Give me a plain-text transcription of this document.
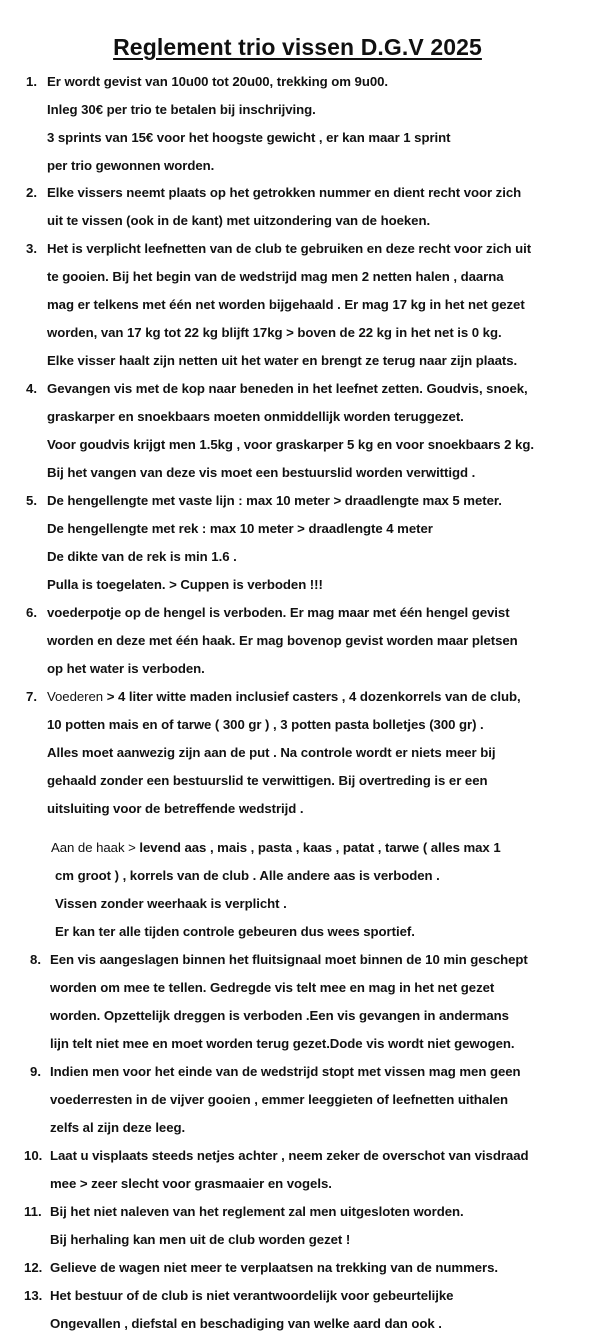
Reglement trio vissen D.G.V 2025
1. Er wordt gevist van 10u00 tot 20u00, trekking om 9u00.
Inleg 30€ per trio te betalen bij inschrijving.
3 sprints van 15€ voor het hoogste gewicht , er kan maar 1 sprint
per trio gewonnen worden.
2. Elke vissers neemt plaats op het getrokken nummer en dient recht voor zich
uit te vissen (ook in de kant) met uitzondering van de hoeken.
3. Het is verplicht leefnetten van de club te gebruiken en deze recht voor zich uit
te gooien. Bij het begin van de wedstrijd mag men 2 netten halen , daarna
mag er telkens met één net worden bijgehaald . Er mag 17 kg in het net gezet
worden, van 17 kg tot 22 kg blijft 17kg > boven de 22 kg in het net is 0 kg.
Elke visser haalt zijn netten uit het water en brengt ze terug naar zijn plaats.
4. Gevangen vis met de kop naar beneden in het leefnet zetten. Goudvis, snoek,
graskarper en snoekbaars moeten onmiddellijk worden teruggezet.
Voor goudvis krijgt men 1.5kg , voor graskarper 5 kg en voor snoekbaars 2 kg.
Bij het vangen van deze vis moet een bestuurslid worden verwittigd .
5. De hengellengte met vaste lijn : max 10 meter > draadlengte max 5 meter.
De hengellengte met rek : max 10 meter > draadlengte 4 meter
De dikte van de rek is min 1.6 .
Pulla is toegelaten. > Cuppen is verboden !!!
6. voederpotje op de hengel is verboden. Er mag maar met één hengel gevist
worden en deze met één haak. Er mag bovenop gevist worden maar pletsen
op het water is verboden.
7. Voederen > 4 liter witte maden inclusief casters , 4 dozenkorrels van de club,
10 potten mais en of tarwe ( 300 gr ) , 3 potten pasta bolletjes (300 gr) .
Alles moet aanwezig zijn aan de put . Na controle wordt er niets meer bij
gehaald zonder een bestuurslid te verwittigen. Bij overtreding is er een
uitsluiting voor de betreffende wedstrijd .
Aan de haak > levend aas , mais , pasta , kaas , patat , tarwe ( alles max 1
cm groot ) , korrels van de club . Alle andere aas is verboden .
Vissen zonder weerhaak is verplicht .
Er kan ter alle tijden controle gebeuren dus wees sportief.
8. Een vis aangeslagen binnen het fluitsignaal moet binnen de 10 min geschept
worden om mee te tellen. Gedregde vis telt mee en mag in het net gezet
worden. Opzettelijk dreggen is verboden .Een vis gevangen in andermans
lijn telt niet mee en moet worden terug gezet.Dode vis wordt niet gewogen.
9. Indien men voor het einde van de wedstrijd stopt met vissen mag men geen
voederresten in de vijver gooien , emmer leeggieten of leefnetten uithalen
zelfs al zijn deze leeg.
10. Laat u visplaats steeds netjes achter , neem zeker de overschot van visdraad
mee > zeer slecht voor grasmaaier en vogels.
11. Bij het niet naleven van het reglement zal men uitgesloten worden.
Bij herhaling kan men uit de club worden gezet !
12. Gelieve de wagen niet meer te verplaatsen na trekking van de nummers.
13. Het bestuur of de club is niet verantwoordelijk voor gebeurtelijke
Ongevallen , diefstal en beschadiging van welke aard dan ook .
